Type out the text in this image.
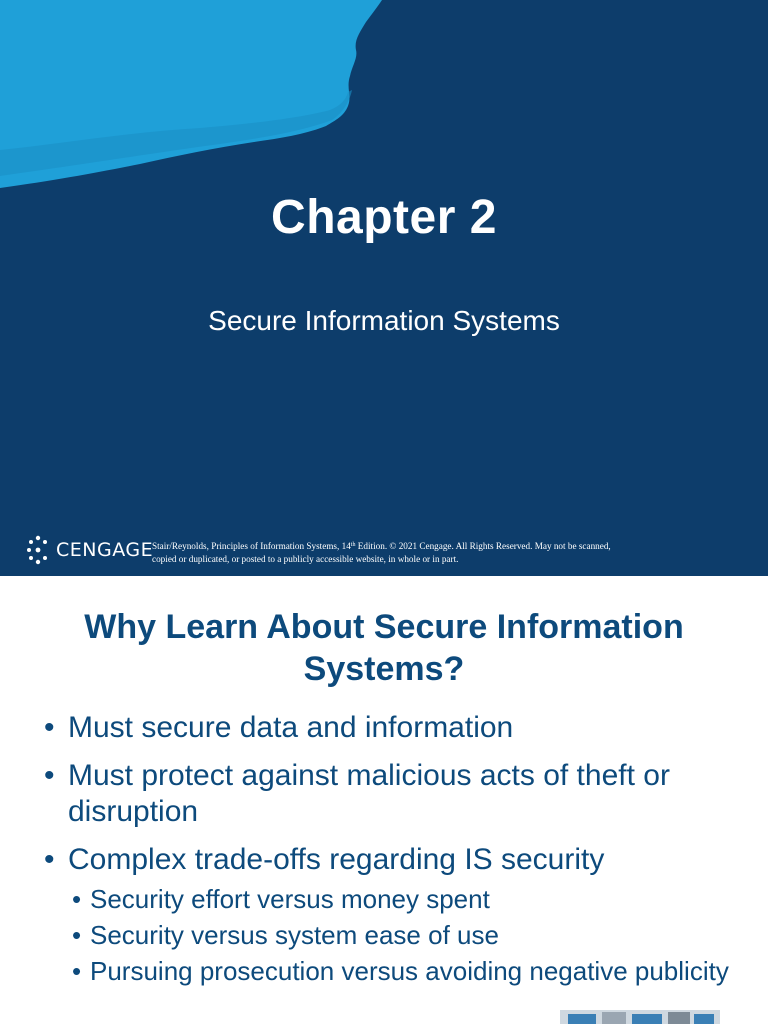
Chapter 2
Secure Information Systems
CENGAGE
Stair/Reynolds, Principles of Information Systems, 14th Edition. © 2021 Cengage. All Rights Reserved. May not be scanned,
copied or duplicated, or posted to a publicly accessible website, in whole or in part.
Why Learn About Secure Information Systems?
• Must secure data and information
• Must protect against malicious acts of theft or disruption
• Complex trade-offs regarding IS security
• Security effort versus money spent
• Security versus system ease of use
• Pursuing prosecution versus avoiding negative publicity
